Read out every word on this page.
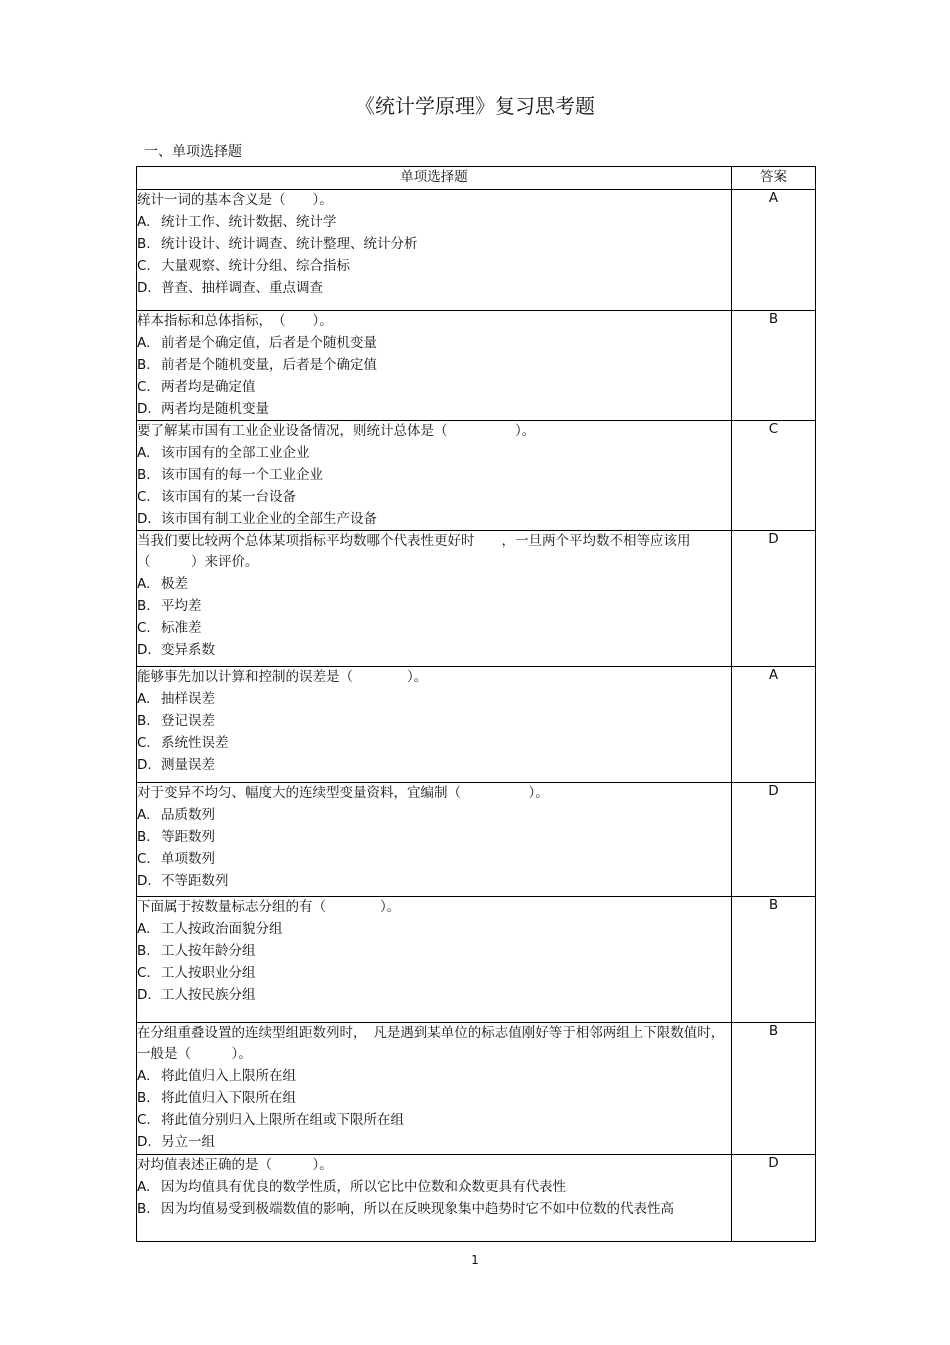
《统计学原理》复习思考题
一、单项选择题
单项选择题	答案

统计一词的基本含义是（　　）。
A. 统计工作、统计数据、统计学
B. 统计设计、统计调查、统计整理、统计分析
C. 大量观察、统计分组、综合指标
D. 普查、抽样调查、重点调查	A

样本指标和总体指标，　（　　）。
A. 前者是个确定值，后者是个随机变量
B. 前者是个随机变量，后者是个确定值
C. 两者均是确定值
D. 两者均是随机变量	B

要了解某市国有工业企业设备情况，则统计总体是（　　　　　）。
A. 该市国有的全部工业企业
B. 该市国有的每一个工业企业
C. 该市国有的某一台设备
D. 该市国有制工业企业的全部生产设备	C

当我们要比较两个总体某项指标平均数哪个代表性更好时　　，一旦两个平均数不相等应该用（　　　）来评价。
A. 极差
B. 平均差
C. 标准差
D. 变异系数	D

能够事先加以计算和控制的误差是（　　　　）。
A. 抽样误差
B. 登记误差
C. 系统性误差
D. 测量误差	A

对于变异不均匀、幅度大的连续型变量资料，宜编制（　　　　　）。
A. 品质数列
B. 等距数列
C. 单项数列
D. 不等距数列	D

下面属于按数量标志分组的有（　　　　）。
A. 工人按政治面貌分组
B. 工人按年龄分组
C. 工人按职业分组
D. 工人按民族分组	B

在分组重叠设置的连续型组距数列时，　凡是遇到某单位的标志值刚好等于相邻两组上下限数值时，一般是（　　　）。
A. 将此值归入上限所在组
B. 将此值归入下限所在组
C. 将此值分别归入上限所在组或下限所在组
D. 另立一组	B

对均值表述正确的是（　　　）。
A. 因为均值具有优良的数学性质，所以它比中位数和众数更具有代表性
B. 因为均值易受到极端数值的影响，所以在反映现象集中趋势时它不如中位数的代表性高	D
1
